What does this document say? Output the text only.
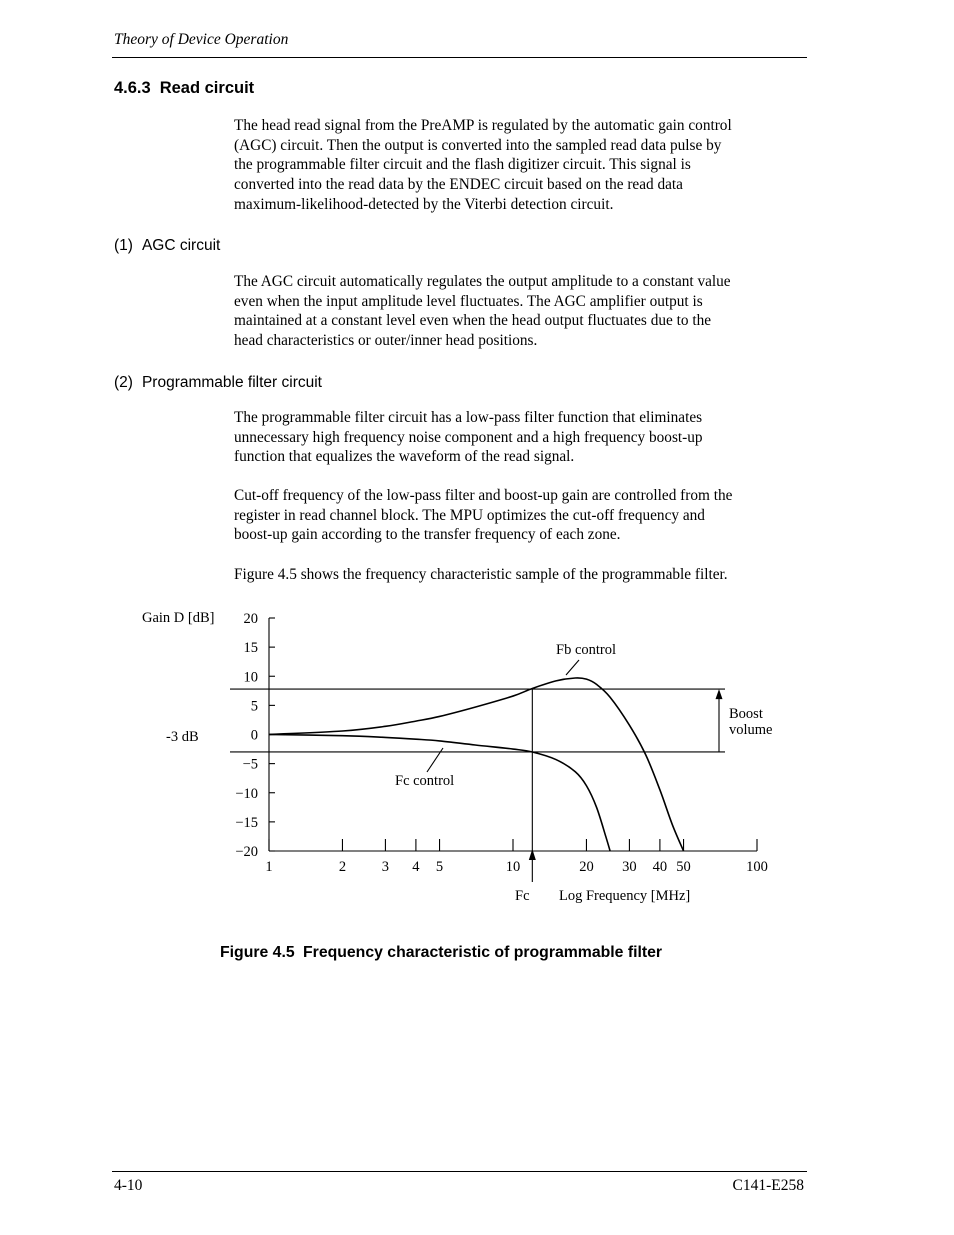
Theory of Device Operation
4.6.3 Read circuit

The head read signal from the PreAMP is regulated by the automatic gain control
(AGC) circuit. Then the output is converted into the sampled read data pulse by
the programmable filter circuit and the flash digitizer circuit. This signal is
converted into the read data by the ENDEC circuit based on the read data
maximum-likelihood-detected by the Viterbi detection circuit.

(1) AGC circuit

The AGC circuit automatically regulates the output amplitude to a constant value
even when the input amplitude level fluctuates. The AGC amplifier output is
maintained at a constant level even when the head output fluctuates due to the
head characteristics or outer/inner head positions.

(2) Programmable filter circuit

The programmable filter circuit has a low-pass filter function that eliminates
unnecessary high frequency noise component and a high frequency boost-up
function that equalizes the waveform of the read signal.

Cut-off frequency of the low-pass filter and boost-up gain are controlled from the
register in read channel block. The MPU optimizes the cut-off frequency and
boost-up gain according to the transfer frequency of each zone.

Figure 4.5 shows the frequency characteristic sample of the programmable filter.

20
15
10
5
0
−5
−10
−15
−20
1	2 3 4 5	10	20 30 40 50	100
Gain D [dB]
-3 dB
Fc Log Frequency [MHz]
Fb control
Fc control
Boost
volume
Figure 4.5 Frequency characteristic of programmable filter
4-10	C141-E258
